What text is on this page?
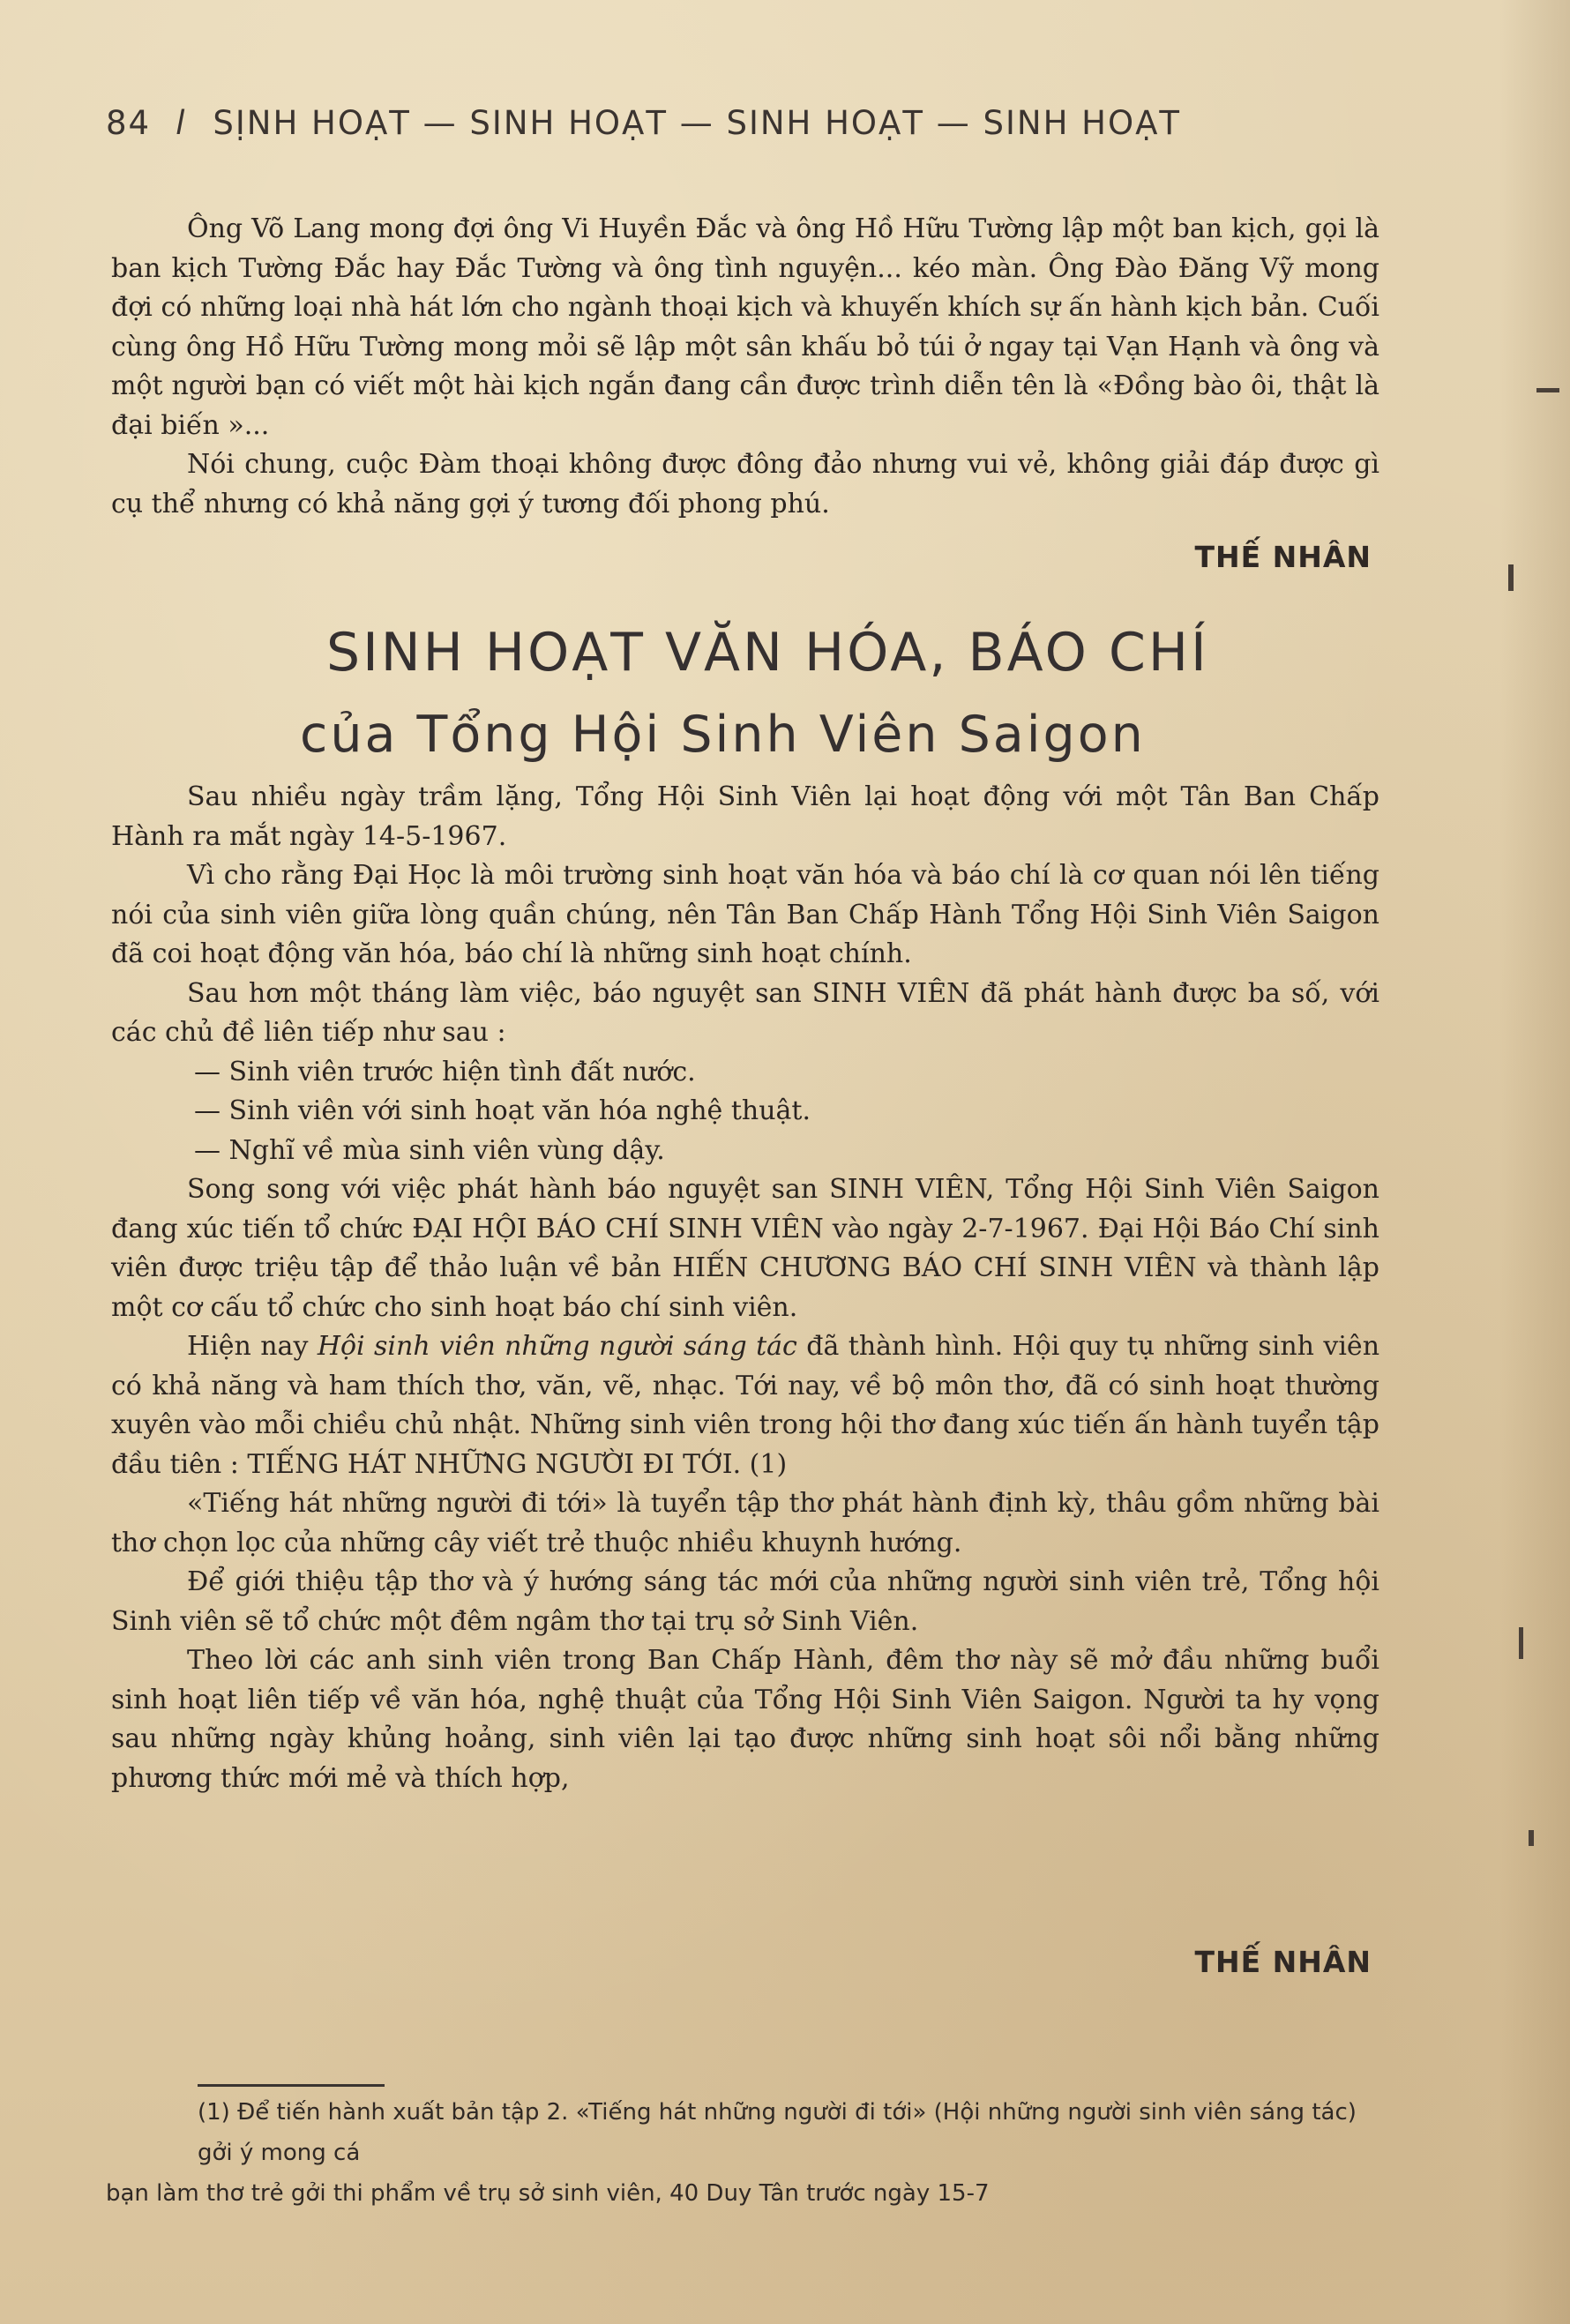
84 l SỊNH HOẠT — SINH HOẠT — SINH HOẠT — SINH HOẠT

Ông Võ Lang mong đợi ông Vi Huyền Đắc và ông Hồ Hữu Tường lập một ban kịch, gọi là ban kịch Tường Đắc hay Đắc Tường và ông tình nguyện... kéo màn. Ông Đào Đăng Vỹ mong đợi có những loại nhà hát lớn cho ngành thoại kịch và khuyến khích sự ấn hành kịch bản. Cuối cùng ông Hồ Hữu Tường mong mỏi sẽ lập một sân khấu bỏ túi ở ngay tại Vạn Hạnh và ông và một người bạn có viết một hài kịch ngắn đang cần được trình diễn tên là «Đồng bào ôi, thật là đại biến »...

Nói chung, cuộc Đàm thoại không được đông đảo nhưng vui vẻ, không giải đáp được gì cụ thể nhưng có khả năng gợi ý tương đối phong phú.

THẾ NHÂN
SINH HOẠT VĂN HÓA, BÁO CHÍ
của Tổng Hội Sinh Viên Saigon

Sau nhiều ngày trầm lặng, Tổng Hội Sinh Viên lại hoạt động với một Tân Ban Chấp Hành ra mắt ngày 14-5-1967.

Vì cho rằng Đại Học là môi trường sinh hoạt văn hóa và báo chí là cơ quan nói lên tiếng nói của sinh viên giữa lòng quần chúng, nên Tân Ban Chấp Hành Tổng Hội Sinh Viên Saigon đã coi hoạt động văn hóa, báo chí là những sinh hoạt chính.

Sau hơn một tháng làm việc, báo nguyệt san SINH VIÊN đã phát hành được ba số, với các chủ đề liên tiếp như sau :

— Sinh viên trước hiện tình đất nước.

— Sinh viên với sinh hoạt văn hóa nghệ thuật.

— Nghĩ về mùa sinh viên vùng dậy.

Song song với việc phát hành báo nguyệt san SINH VIÊN, Tổng Hội Sinh Viên Saigon đang xúc tiến tổ chức ĐẠI HỘI BÁO CHÍ SINH VIÊN vào ngày 2-7-1967. Đại Hội Báo Chí sinh viên được triệu tập để thảo luận về bản HIẾN CHƯƠNG BÁO CHÍ SINH VIÊN và thành lập một cơ cấu tổ chức cho sinh hoạt báo chí sinh viên.

Hiện nay Hội sinh viên những người sáng tác đã thành hình. Hội quy tụ những sinh viên có khả năng và ham thích thơ, văn, vẽ, nhạc. Tới nay, về bộ môn thơ, đã có sinh hoạt thường xuyên vào mỗi chiều chủ nhật. Những sinh viên trong hội thơ đang xúc tiến ấn hành tuyển tập đầu tiên : TIẾNG HÁT NHỮNG NGƯỜI ĐI TỚI. (1)

«Tiếng hát những người đi tới» là tuyển tập thơ phát hành định kỳ, thâu gồm những bài thơ chọn lọc của những cây viết trẻ thuộc nhiều khuynh hướng.

Để giới thiệu tập thơ và ý hướng sáng tác mới của những người sinh viên trẻ, Tổng hội Sinh viên sẽ tổ chức một đêm ngâm thơ tại trụ sở Sinh Viên.

Theo lời các anh sinh viên trong Ban Chấp Hành, đêm thơ này sẽ mở đầu những buổi sinh hoạt liên tiếp về văn hóa, nghệ thuật của Tổng Hội Sinh Viên Saigon. Người ta hy vọng sau những ngày khủng hoảng, sinh viên lại tạo được những sinh hoạt sôi nổi bằng những phương thức mới mẻ và thích hợp,

THẾ NHÂN

(1) Để tiến hành xuất bản tập 2. «Tiếng hát những người đi tới» (Hội những người sinh viên sáng tác) gởi ý mong cá

bạn làm thơ trẻ gởi thi phẩm về trụ sở sinh viên, 40 Duy Tân trước ngày 15-7
